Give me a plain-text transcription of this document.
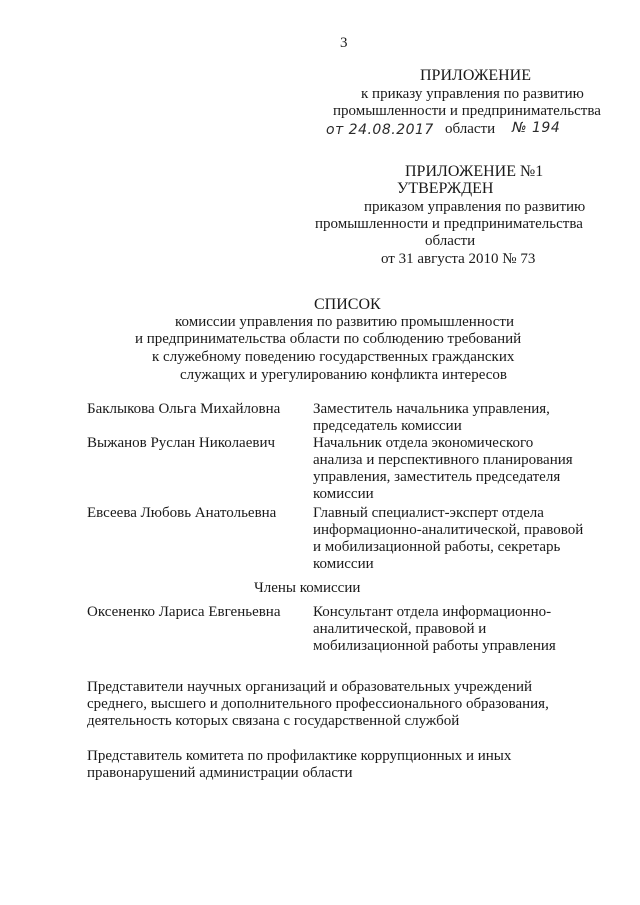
3
ПРИЛОЖЕНИЕ
к приказу управления по развитию
промышленности и предпринимательства
от 24.08.2017 области № 194
ПРИЛОЖЕНИЕ №1
УТВЕРЖДЕН
приказом управления по развитию
промышленности и предпринимательства
области
от 31 августа 2010 № 73
СПИСОК
комиссии управления по развитию промышленности
и предпринимательства области по соблюдению требований
к служебному поведению государственных гражданских
служащих и урегулированию конфликта интересов
Баклыкова Ольга Михайловна Заместитель начальника управления,
председатель комиссии
Выжанов Руслан Николаевич	Начальник отдела экономического
анализа и перспективного планирования
управления, заместитель председателя
комиссии
Евсеева Любовь Анатольевна Главный специалист-эксперт отдела
информационно-аналитической, правовой
и мобилизационной работы, секретарь
комиссии
Члены комиссии
Оксененко Лариса Евгеньевна Консультант отдела информационно-
аналитической, правовой и
мобилизационной работы управления
Представители научных организаций и образовательных учреждений
среднего, высшего и дополнительного профессионального образования,
деятельность которых связана с государственной службой
Представитель комитета по профилактике коррупционных и иных
правонарушений администрации области
